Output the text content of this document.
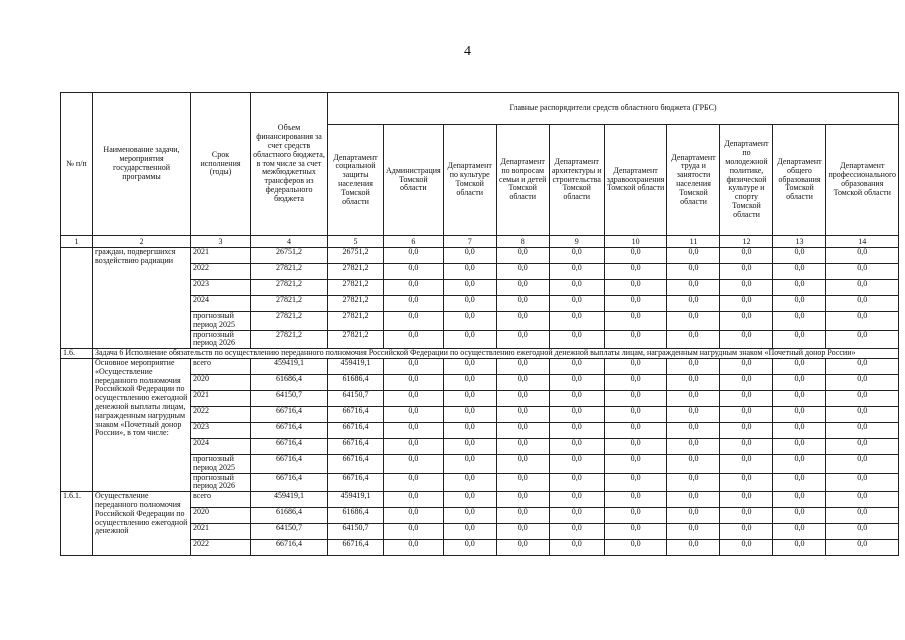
4
№ п/п	Наименование задачи, мероприятия государственной программы	Срок исполнения (годы)	Объем финансирования за счет средств областного бюджета, в том числе за счет межбюджетных трансферов из федерального бюджета	Главные распорядители средств областного бюджета (ГРБС)									
				Департамент социальной защиты населения Томской области	Администрация Томской области	Департамент по культуре Томской области	Департамент по вопросам семьи и детей Томской области	Департамент архитектуры и строительства Томской области	Департамент здравоохранения Томской области	Департамент труда и занятости населения Томской области	Департамент по молодежной политике, физической культуре и спорту Томской области	Департамент общего образования Томской области	Департамент профессионального образования Томской области
1	2	3	4	5	6	7	8	9	10	11	12	13	14
	граждан, подвергшихся воздействию радиации	2021	26751,2	26751,2	0,0	0,0	0,0	0,0	0,0	0,0	0,0	0,0	0,0
		2022	27821,2	27821,2	0,0	0,0	0,0	0,0	0,0	0,0	0,0	0,0	0,0
		2023	27821,2	27821,2	0,0	0,0	0,0	0,0	0,0	0,0	0,0	0,0	0,0
		2024	27821,2	27821,2	0,0	0,0	0,0	0,0	0,0	0,0	0,0	0,0	0,0
		прогнозный период 2025	27821,2	27821,2	0,0	0,0	0,0	0,0	0,0	0,0	0,0	0,0	0,0
		прогнозный период 2026	27821,2	27821,2	0,0	0,0	0,0	0,0	0,0	0,0	0,0	0,0	0,0
1.6.	Задача 6 Исполнение обязательств по осуществлению переданного полномочия Российской Федерации по осуществлению ежегодной денежной выплаты лицам, награжденным нагрудным знаком «Почетный донор России»												
	Основное мероприятие «Осуществление переданного полномочия Российской Федерации по осуществлению ежегодной денежной выплаты лицам, награжденным нагрудным знаком «Почетный донор России», в том числе:	всего	459419,1	459419,1	0,0	0,0	0,0	0,0	0,0	0,0	0,0	0,0	0,0
		2020	61686,4	61686,4	0,0	0,0	0,0	0,0	0,0	0,0	0,0	0,0	0,0
		2021	64150,7	64150,7	0,0	0,0	0,0	0,0	0,0	0,0	0,0	0,0	0,0
		2022	66716,4	66716,4	0,0	0,0	0,0	0,0	0,0	0,0	0,0	0,0	0,0
		2023	66716,4	66716,4	0,0	0,0	0,0	0,0	0,0	0,0	0,0	0,0	0,0
		2024	66716,4	66716,4	0,0	0,0	0,0	0,0	0,0	0,0	0,0	0,0	0,0
		прогнозный период 2025	66716,4	66716,4	0,0	0,0	0,0	0,0	0,0	0,0	0,0	0,0	0,0
		прогнозный период 2026	66716,4	66716,4	0,0	0,0	0,0	0,0	0,0	0,0	0,0	0,0	0,0
1.6.1.	Осуществление переданного полномочия Российской Федерации по осуществлению ежегодной денежной	всего	459419,1	459419,1	0,0	0,0	0,0	0,0	0,0	0,0	0,0	0,0	0,0
		2020	61686,4	61686,4	0,0	0,0	0,0	0,0	0,0	0,0	0,0	0,0	0,0
		2021	64150,7	64150,7	0,0	0,0	0,0	0,0	0,0	0,0	0,0	0,0	0,0
		2022	66716,4	66716,4	0,0	0,0	0,0	0,0	0,0	0,0	0,0	0,0	0,0
